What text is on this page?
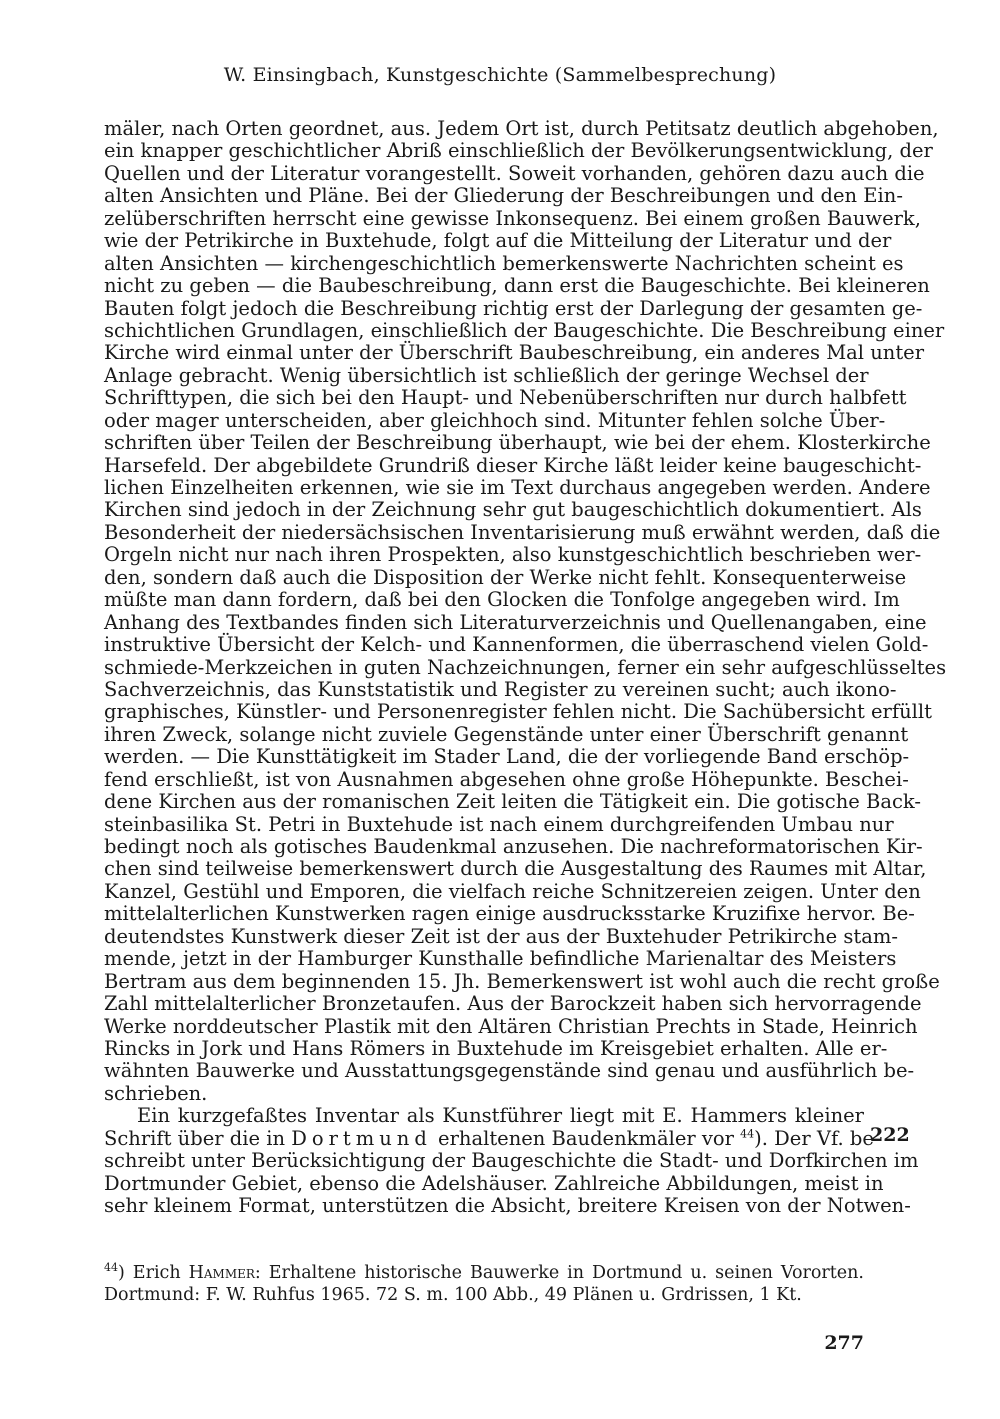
W. Einsingbach, Kunstgeschichte (Sammelbesprechung)
mäler, nach Orten geordnet, aus. Jedem Ort ist, durch Petitsatz deutlich abgehoben,
ein knapper geschichtlicher Abriß einschließlich der Bevölkerungsentwicklung, der
Quellen und der Literatur vorangestellt. Soweit vorhanden, gehören dazu auch die
alten Ansichten und Pläne. Bei der Gliederung der Beschreibungen und den Ein-
zelüberschriften herrscht eine gewisse Inkonsequenz. Bei einem großen Bauwerk,
wie der Petrikirche in Buxtehude, folgt auf die Mitteilung der Literatur und der
alten Ansichten — kirchengeschichtlich bemerkenswerte Nachrichten scheint es
nicht zu geben — die Baubeschreibung, dann erst die Baugeschichte. Bei kleineren
Bauten folgt jedoch die Beschreibung richtig erst der Darlegung der gesamten ge-
schichtlichen Grundlagen, einschließlich der Baugeschichte. Die Beschreibung einer
Kirche wird einmal unter der Überschrift Baubeschreibung, ein anderes Mal unter
Anlage gebracht. Wenig übersichtlich ist schließlich der geringe Wechsel der
Schrifttypen, die sich bei den Haupt- und Nebenüberschriften nur durch halbfett
oder mager unterscheiden, aber gleichhoch sind. Mitunter fehlen solche Über-
schriften über Teilen der Beschreibung überhaupt, wie bei der ehem. Klosterkirche
Harsefeld. Der abgebildete Grundriß dieser Kirche läßt leider keine baugeschicht-
lichen Einzelheiten erkennen, wie sie im Text durchaus angegeben werden. Andere
Kirchen sind jedoch in der Zeichnung sehr gut baugeschichtlich dokumentiert. Als
Besonderheit der niedersächsischen Inventarisierung muß erwähnt werden, daß die
Orgeln nicht nur nach ihren Prospekten, also kunstgeschichtlich beschrieben wer-
den, sondern daß auch die Disposition der Werke nicht fehlt. Konsequenterweise
müßte man dann fordern, daß bei den Glocken die Tonfolge angegeben wird. Im
Anhang des Textbandes finden sich Literaturverzeichnis und Quellenangaben, eine
instruktive Übersicht der Kelch- und Kannenformen, die überraschend vielen Gold-
schmiede-Merkzeichen in guten Nachzeichnungen, ferner ein sehr aufgeschlüsseltes
Sachverzeichnis, das Kunststatistik und Register zu vereinen sucht; auch ikono-
graphisches, Künstler- und Personenregister fehlen nicht. Die Sachübersicht erfüllt
ihren Zweck, solange nicht zuviele Gegenstände unter einer Überschrift genannt
werden. — Die Kunsttätigkeit im Stader Land, die der vorliegende Band erschöp-
fend erschließt, ist von Ausnahmen abgesehen ohne große Höhepunkte. Beschei-
dene Kirchen aus der romanischen Zeit leiten die Tätigkeit ein. Die gotische Back-
steinbasilika St. Petri in Buxtehude ist nach einem durchgreifenden Umbau nur
bedingt noch als gotisches Baudenkmal anzusehen. Die nachreformatorischen Kir-
chen sind teilweise bemerkenswert durch die Ausgestaltung des Raumes mit Altar,
Kanzel, Gestühl und Emporen, die vielfach reiche Schnitzereien zeigen. Unter den
mittelalterlichen Kunstwerken ragen einige ausdrucksstarke Kruzifixe hervor. Be-
deutendstes Kunstwerk dieser Zeit ist der aus der Buxtehuder Petrikirche stam-
mende, jetzt in der Hamburger Kunsthalle befindliche Marienaltar des Meisters
Bertram aus dem beginnenden 15. Jh. Bemerkenswert ist wohl auch die recht große
Zahl mittelalterlicher Bronzetaufen. Aus der Barockzeit haben sich hervorragende
Werke norddeutscher Plastik mit den Altären Christian Prechts in Stade, Heinrich
Rincks in Jork und Hans Römers in Buxtehude im Kreisgebiet erhalten. Alle er-
wähnten Bauwerke und Ausstattungsgegenstände sind genau und ausführlich be-
schrieben.
Ein kurzgefaßtes Inventar als Kunstführer liegt mit E. Hammers kleiner
Schrift über die in Dortmund erhaltenen Baudenkmäler vor $^{44}$). Der Vf. be-
schreibt unter Berücksichtigung der Baugeschichte die Stadt- und Dorfkirchen im
Dortmunder Gebiet, ebenso die Adelshäuser. Zahlreiche Abbildungen, meist in
sehr kleinem Format, unterstützen die Absicht, breitere Kreisen von der Notwen-
222
$^{44}$) Erich Hammer: Erhaltene historische Bauwerke in Dortmund u. seinen Vororten.
Dortmund: F. W. Ruhfus 1965. 72 S. m. 100 Abb., 49 Plänen u. Grdrissen, 1 Kt.
277
